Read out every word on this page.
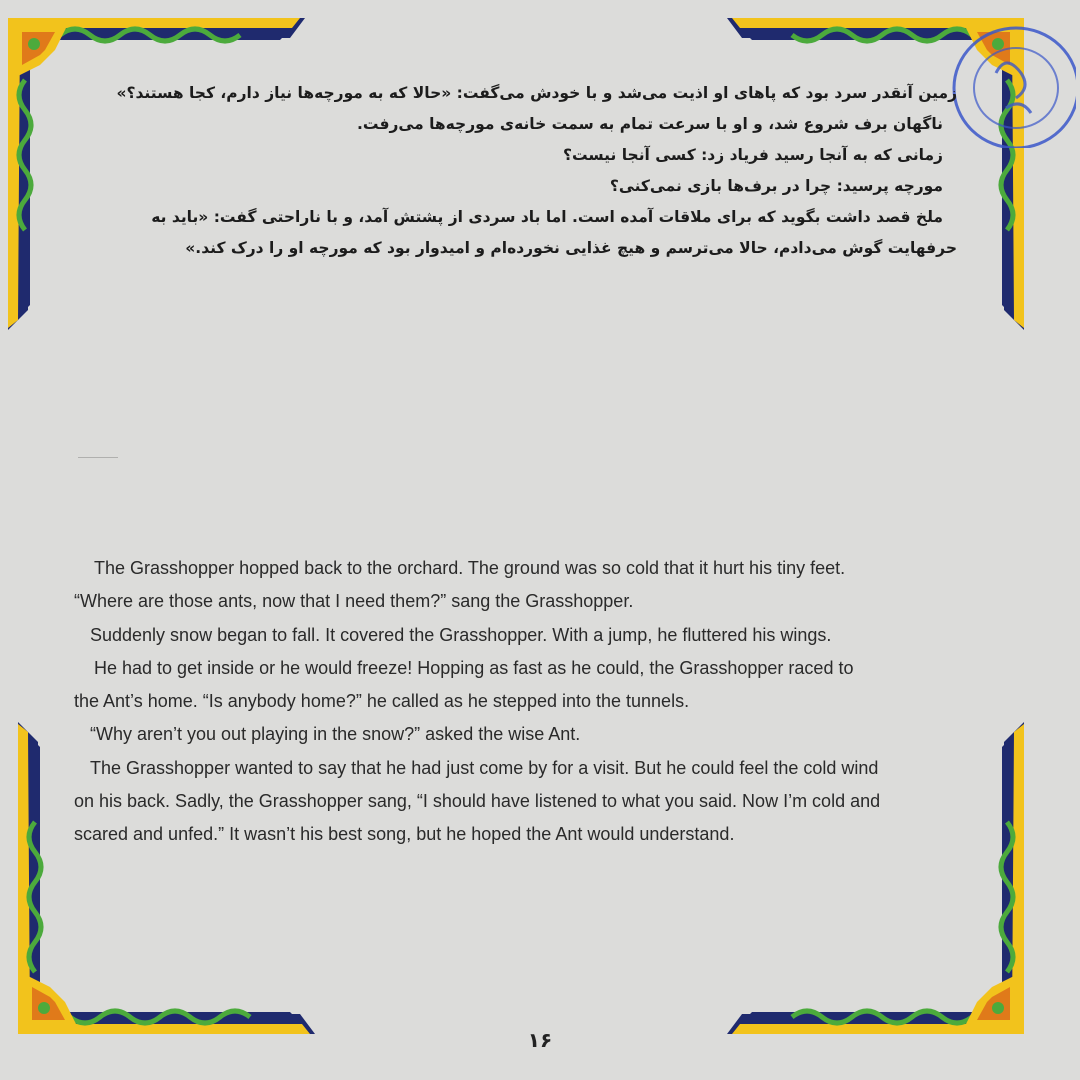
زمین آنقدر سرد بود که پاهای او اذیت می‌شد و با خودش می‌گفت: «حالا که به مورچه‌ها نیاز دارم، کجا هستند؟»

ناگهان برف شروع شد، و او با سرعت تمام به سمت خانه‌ی مورچه‌ها می‌رفت.

زمانی که به آنجا رسید فریاد زد: کسی آنجا نیست؟

مورچه پرسید: چرا در برف‌ها بازی نمی‌کنی؟

ملخ قصد داشت بگوید که برای ملاقات آمده است. اما باد سردی از پشتش آمد، و با ناراحتی گفت: «باید به

حرفهایت گوش می‌دادم، حالا می‌ترسم و هیچ غذایی نخورده‌ام و امیدوار بود که مورچه او را درک کند.»

The Grasshopper hopped back to the orchard. The ground was so cold that it hurt his tiny feet.

“Where are those ants, now that I need them?” sang the Grasshopper.

Suddenly snow began to fall. It covered the Grasshopper. With a jump, he fluttered his wings.

He had to get inside or he would freeze! Hopping as fast as he could, the Grasshopper raced to

the Ant’s home. “Is anybody home?” he called as he stepped into the tunnels.

“Why aren’t you out playing in the snow?” asked the wise Ant.

The Grasshopper wanted to say that he had just come by for a visit. But he could feel the cold wind

on his back. Sadly, the Grasshopper sang, “I should have listened to what you said. Now I’m cold and

scared and unfed.” It wasn’t his best song, but he hoped the Ant would understand.

۱۶
